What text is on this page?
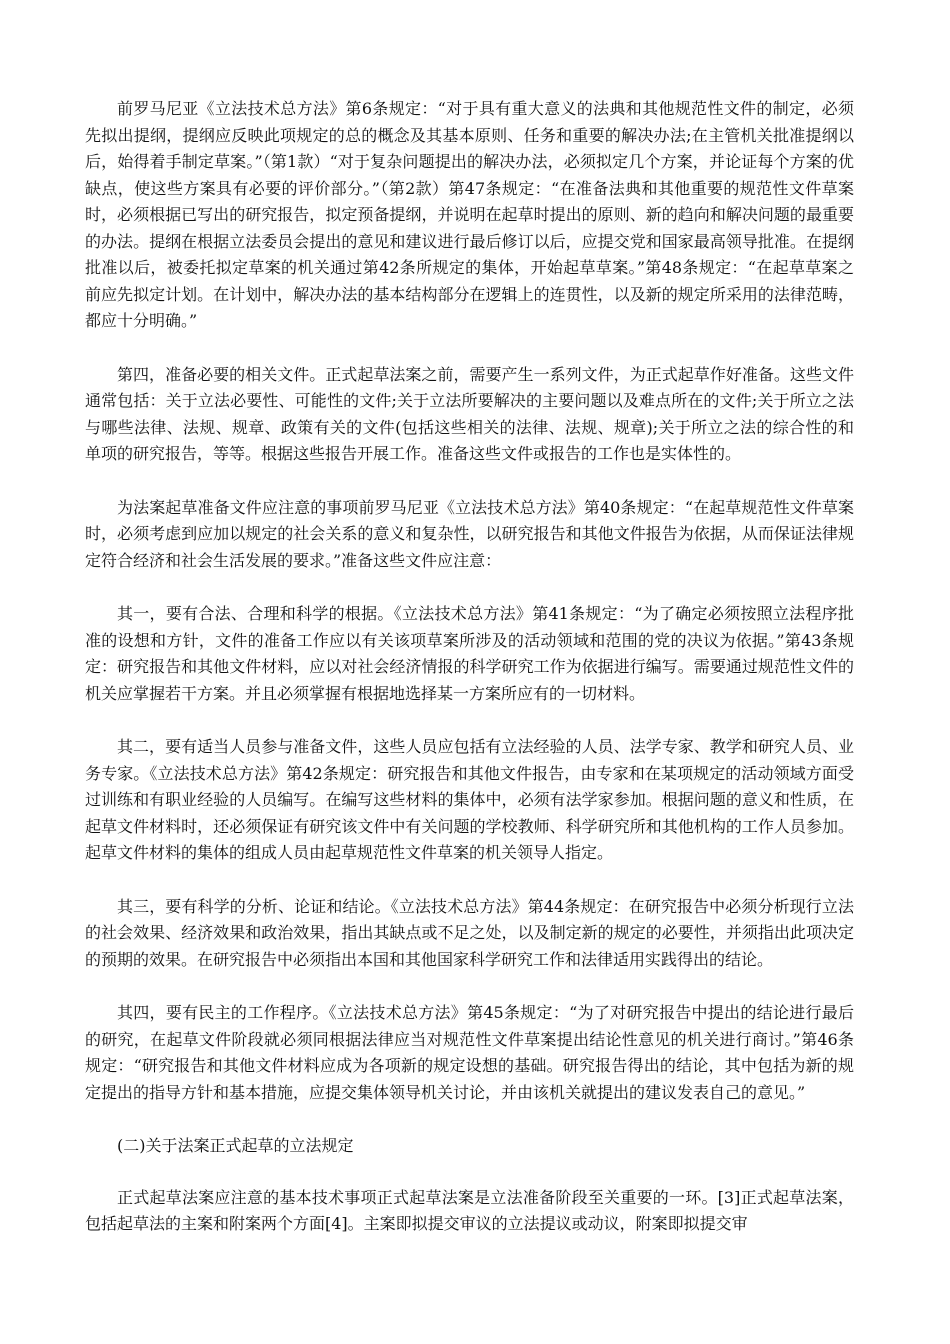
前罗马尼亚《立法技术总方法》第6条规定：“对于具有重大意义的法典和其他规范性文件的制定，必须先拟出提纲，提纲应反映此项规定的总的概念及其基本原则、任务和重要的解决办法;在主管机关批准提纲以后，始得着手制定草案。”（第1款）“对于复杂问题提出的解决办法，必须拟定几个方案，并论证每个方案的优缺点，使这些方案具有必要的评价部分。”（第2款）第47条规定：“在准备法典和其他重要的规范性文件草案时，必须根据已写出的研究报告，拟定预备提纲，并说明在起草时提出的原则、新的趋向和解决问题的最重要的办法。提纲在根据立法委员会提出的意见和建议进行最后修订以后，应提交党和国家最高领导批准。在提纲批准以后，被委托拟定草案的机关通过第42条所规定的集体，开始起草草案。”第48条规定：“在起草草案之前应先拟定计划。在计划中，解决办法的基本结构部分在逻辑上的连贯性，以及新的规定所采用的法律范畴，都应十分明确。”

第四，准备必要的相关文件。正式起草法案之前，需要产生一系列文件，为正式起草作好准备。这些文件通常包括：关于立法必要性、可能性的文件;关于立法所要解决的主要问题以及难点所在的文件;关于所立之法与哪些法律、法规、规章、政策有关的文件(包括这些相关的法律、法规、规章);关于所立之法的综合性的和单项的研究报告，等等。根据这些报告开展工作。准备这些文件或报告的工作也是实体性的。

为法案起草准备文件应注意的事项前罗马尼亚《立法技术总方法》第40条规定：“在起草规范性文件草案时，必须考虑到应加以规定的社会关系的意义和复杂性，以研究报告和其他文件报告为依据，从而保证法律规定符合经济和社会生活发展的要求。”准备这些文件应注意：

其一，要有合法、合理和科学的根据。《立法技术总方法》第41条规定：“为了确定必须按照立法程序批准的设想和方针，文件的准备工作应以有关该项草案所涉及的活动领域和范围的党的决议为依据。”第43条规定：研究报告和其他文件材料，应以对社会经济情报的科学研究工作为依据进行编写。需要通过规范性文件的机关应掌握若干方案。并且必须掌握有根据地选择某一方案所应有的一切材料。

其二，要有适当人员参与准备文件，这些人员应包括有立法经验的人员、法学专家、教学和研究人员、业务专家。《立法技术总方法》第42条规定：研究报告和其他文件报告，由专家和在某项规定的活动领域方面受过训练和有职业经验的人员编写。在编写这些材料的集体中，必须有法学家参加。根据问题的意义和性质，在起草文件材料时，还必须保证有研究该文件中有关问题的学校教师、科学研究所和其他机构的工作人员参加。起草文件材料的集体的组成人员由起草规范性文件草案的机关领导人指定。

其三，要有科学的分析、论证和结论。《立法技术总方法》第44条规定：在研究报告中必须分析现行立法的社会效果、经济效果和政治效果，指出其缺点或不足之处，以及制定新的规定的必要性，并须指出此项决定的预期的效果。在研究报告中必须指出本国和其他国家科学研究工作和法律适用实践得出的结论。

其四，要有民主的工作程序。《立法技术总方法》第45条规定：“为了对研究报告中提出的结论进行最后的研究，在起草文件阶段就必须同根据法律应当对规范性文件草案提出结论性意见的机关进行商讨。”第46条规定：“研究报告和其他文件材料应成为各项新的规定设想的基础。研究报告得出的结论，其中包括为新的规定提出的指导方针和基本措施，应提交集体领导机关讨论，并由该机关就提出的建议发表自己的意见。”

(二)关于法案正式起草的立法规定

正式起草法案应注意的基本技术事项正式起草法案是立法准备阶段至关重要的一环。[3]正式起草法案，包括起草法的主案和附案两个方面[4]。主案即拟提交审议的立法提议或动议，附案即拟提交审
